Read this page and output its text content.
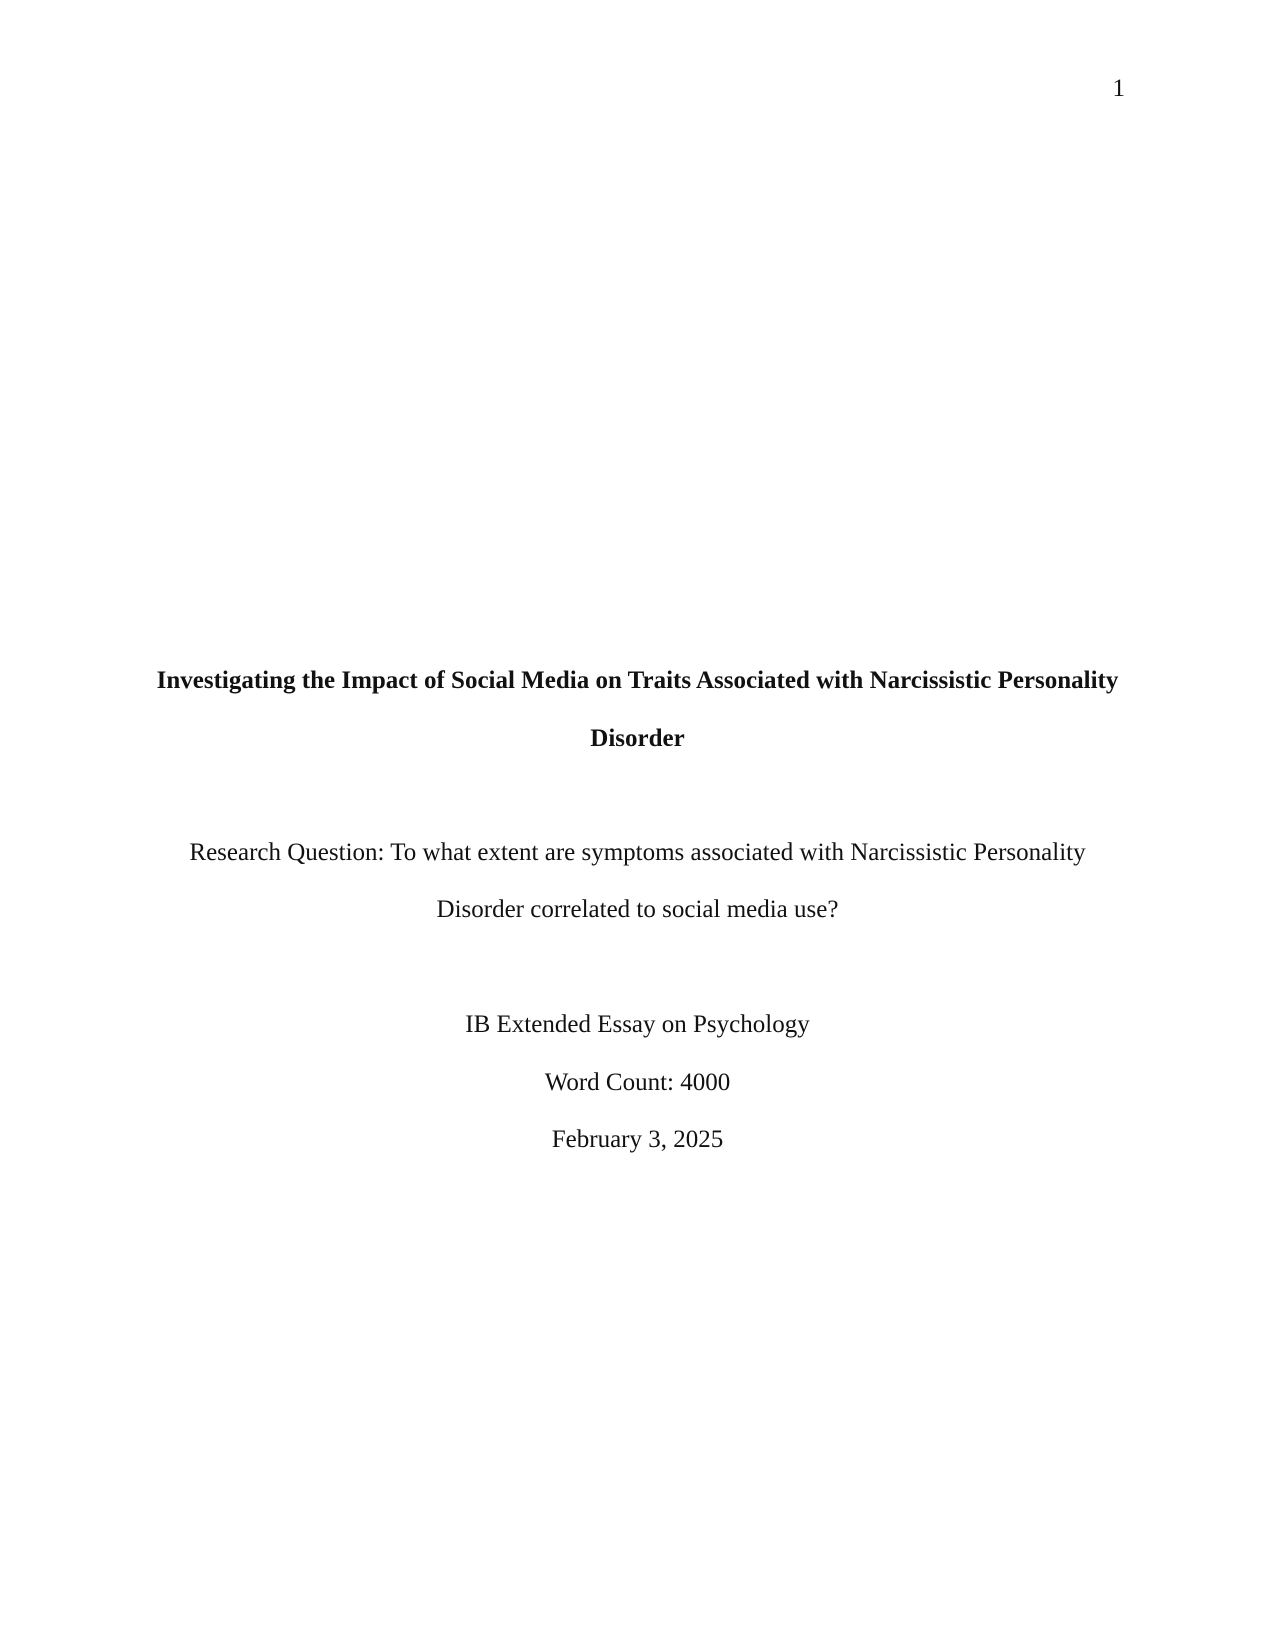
1
Investigating the Impact of Social Media on Traits Associated with Narcissistic Personality
Disorder
Research Question: To what extent are symptoms associated with Narcissistic Personality
Disorder correlated to social media use?
IB Extended Essay on Psychology
Word Count: 4000
February 3, 2025
